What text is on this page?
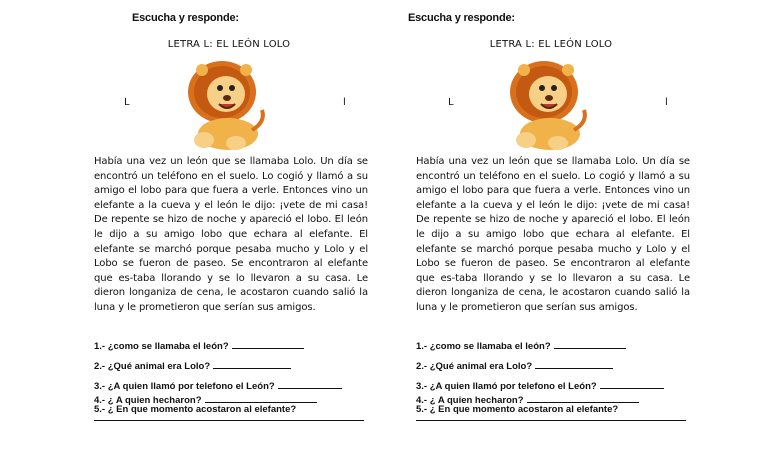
Escucha y responde:
LETRA L: EL LEÓN LOLO
L	l

Había una vez un león que se llamaba Lolo. Un día se encontró un teléfono en el suelo. Lo cogió y llamó a su amigo el lobo para que fuera a verle. Entonces vino un elefante a la cueva y el león le dijo: ¡vete de mi casa! De repente se hizo de noche y apareció el lobo. El león le dijo a su amigo lobo que echara al elefante. El elefante se marchó porque pesaba mucho y Lolo y el Lobo se fueron de paseo. Se encontraron al elefante que es-taba llorando y se lo llevaron a su casa. Le dieron longaniza de cena, le acostaron cuando salió la luna y le prometieron que serían sus amigos.

1.- ¿como se llamaba el león?
2.- ¿Qué animal era Lolo?
3.- ¿A quien llamó por telefono el León?
4.- ¿ A quien hecharon?
5.- ¿ En que momento acostaron al elefante?
Escucha y responde:
LETRA L: EL LEÓN LOLO
L	l

Había una vez un león que se llamaba Lolo. Un día se encontró un teléfono en el suelo. Lo cogió y llamó a su amigo el lobo para que fuera a verle. Entonces vino un elefante a la cueva y el león le dijo: ¡vete de mi casa! De repente se hizo de noche y apareció el lobo. El león le dijo a su amigo lobo que echara al elefante. El elefante se marchó porque pesaba mucho y Lolo y el Lobo se fueron de paseo. Se encontraron al elefante que es-taba llorando y se lo llevaron a su casa. Le dieron longaniza de cena, le acostaron cuando salió la luna y le prometieron que serían sus amigos.

1.- ¿como se llamaba el león?
2.- ¿Qué animal era Lolo?
3.- ¿A quien llamó por telefono el León?
4.- ¿ A quien hecharon?
5.- ¿ En que momento acostaron al elefante?
